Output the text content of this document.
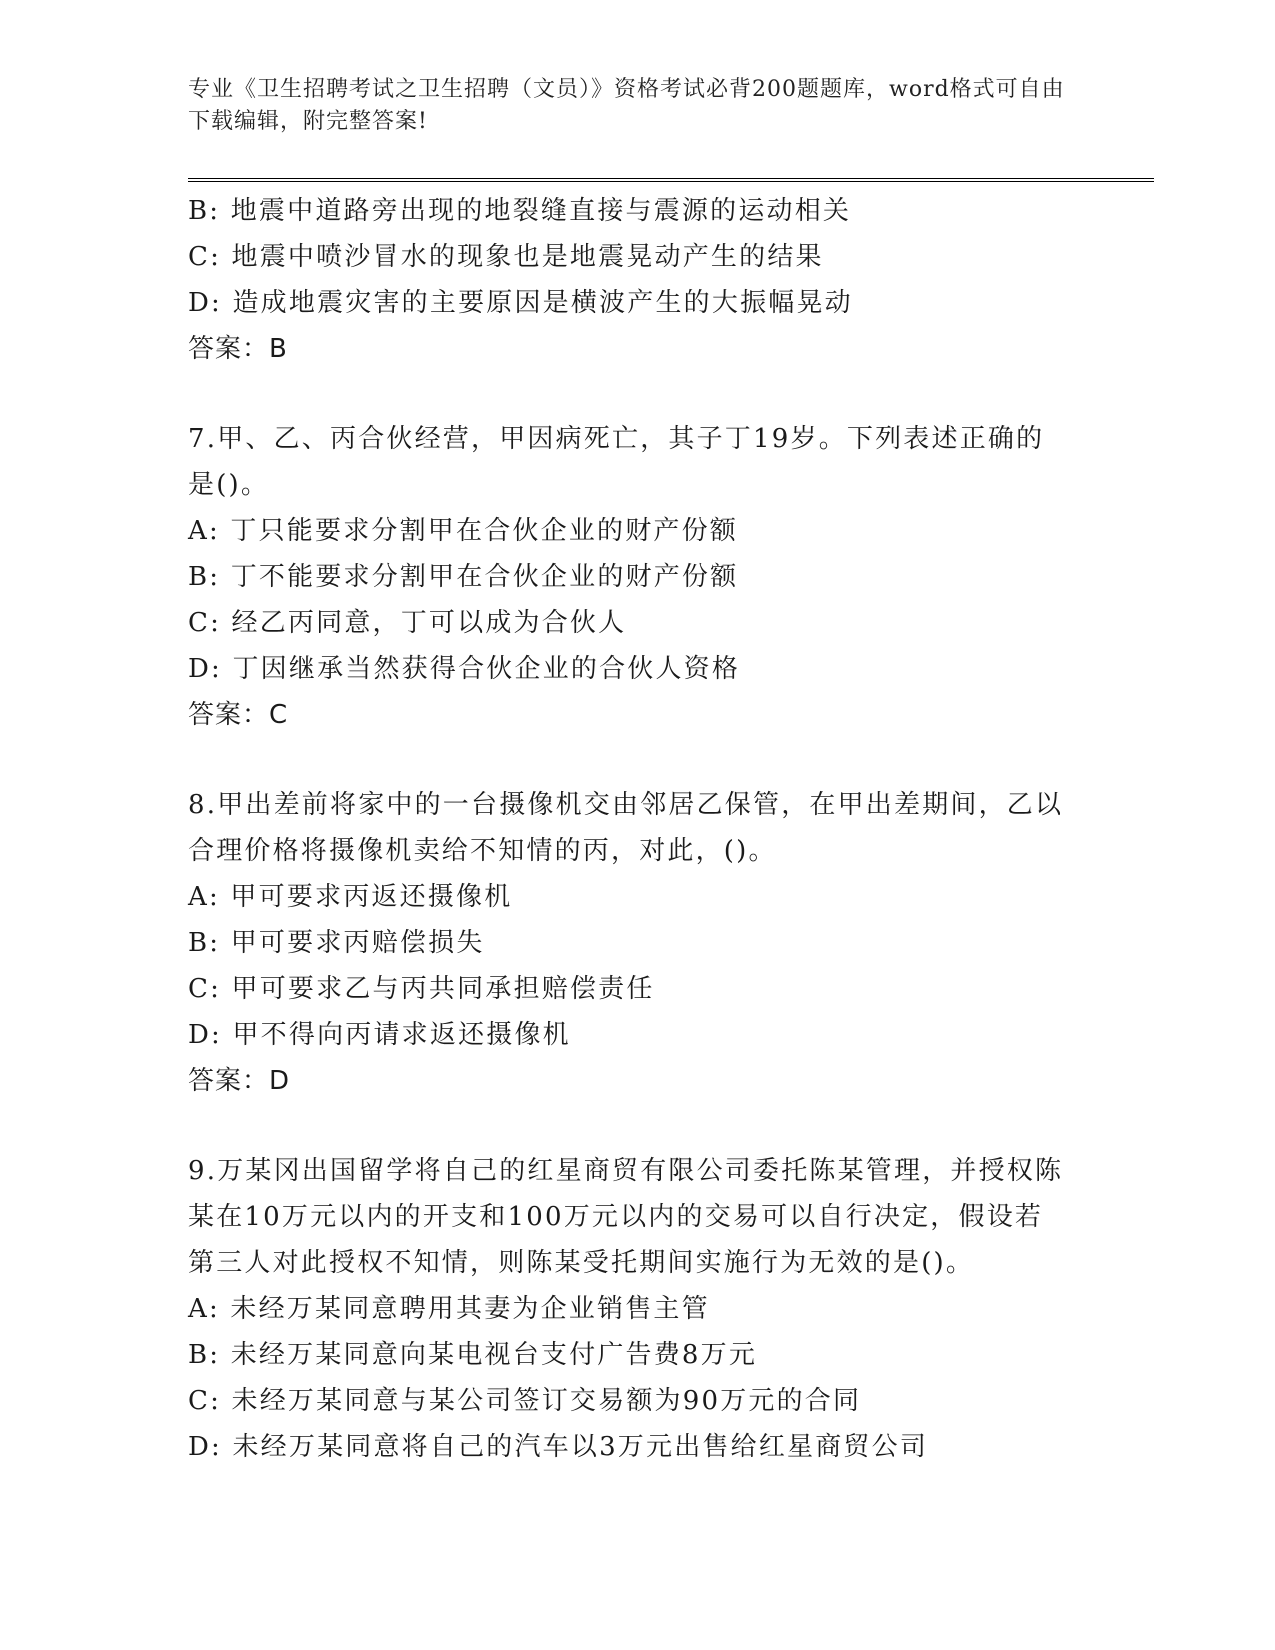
专业《卫生招聘考试之卫生招聘（文员）》资格考试必背200题题库，word格式可自由下载编辑，附完整答案!
B: 地震中道路旁出现的地裂缝直接与震源的运动相关
C: 地震中喷沙冒水的现象也是地震晃动产生的结果
D: 造成地震灾害的主要原因是横波产生的大振幅晃动
答案：B
7.甲、乙、丙合伙经营，甲因病死亡，其子丁19岁。下列表述正确的是()。
A: 丁只能要求分割甲在合伙企业的财产份额
B: 丁不能要求分割甲在合伙企业的财产份额
C: 经乙丙同意，丁可以成为合伙人
D: 丁因继承当然获得合伙企业的合伙人资格
答案：C
8.甲出差前将家中的一台摄像机交由邻居乙保管，在甲出差期间，乙以合理价格将摄像机卖给不知情的丙，对此，()。
A: 甲可要求丙返还摄像机
B: 甲可要求丙赔偿损失
C: 甲可要求乙与丙共同承担赔偿责任
D: 甲不得向丙请求返还摄像机
答案：D
9.万某冈出国留学将自己的红星商贸有限公司委托陈某管理，并授权陈某在10万元以内的开支和100万元以内的交易可以自行决定，假设若第三人对此授权不知情，则陈某受托期间实施行为无效的是()。
A: 未经万某同意聘用其妻为企业销售主管
B: 未经万某同意向某电视台支付广告费8万元
C: 未经万某同意与某公司签订交易额为90万元的合同
D: 未经万某同意将自己的汽车以3万元出售给红星商贸公司
